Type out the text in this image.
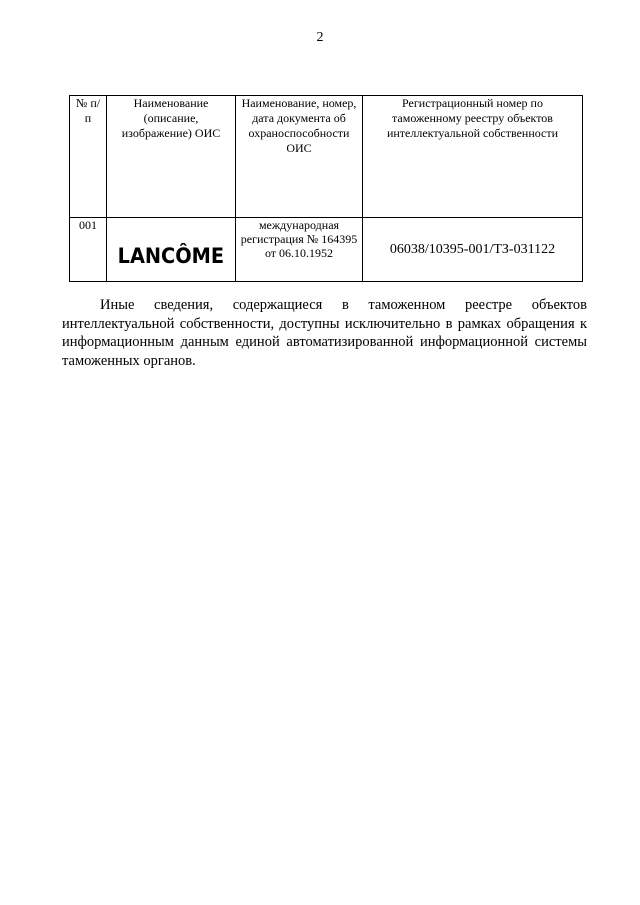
2
№ п/п	Наименование (описание, изображение) ОИС	Наименование, номер, дата документа об охраноспособности ОИС	Регистрационный номер по таможенному реестру объектов интеллектуальной собственности

001	LANCÔME	международная регистрация № 164395 от 06.10.1952	06038/10395-001/ТЗ-031122

Иные сведения, содержащиеся в таможенном реестре объектов интеллектуальной собственности, доступны исключительно в рамках обращения к информационным данным единой автоматизированной информационной системы таможенных органов.
